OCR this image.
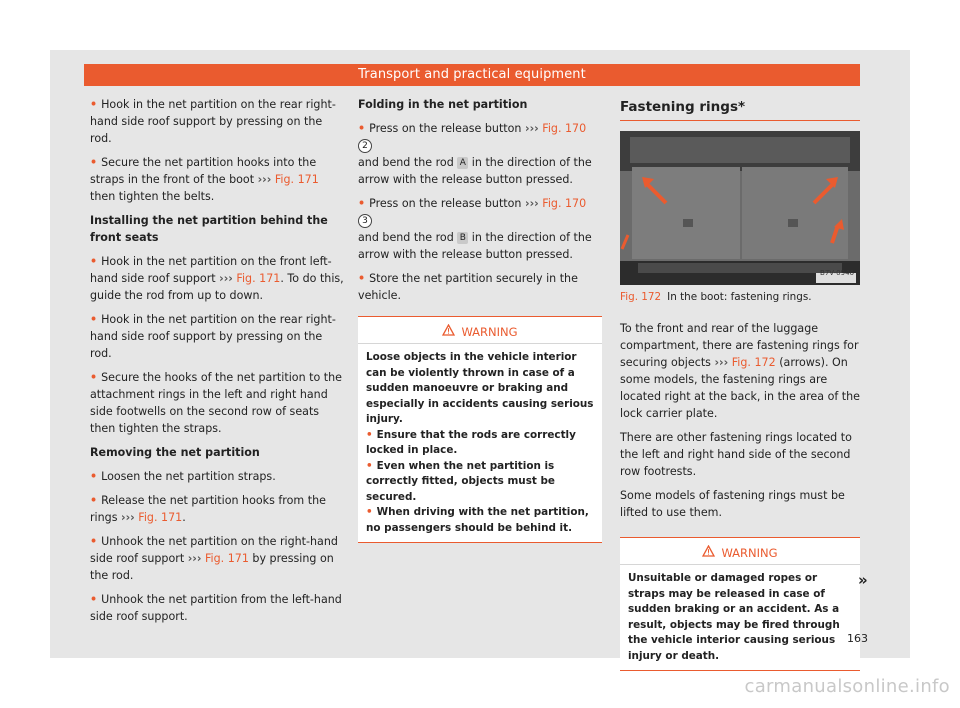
Transport and practical equipment

• Hook in the net partition on the rear right-hand side roof support by pressing on the rod.

• Secure the net partition hooks into the straps in the front of the boot ››› Fig. 171 then tighten the belts.

Installing the net partition behind the front seats

• Hook in the net partition on the front left-hand side roof support ››› Fig. 171. To do this, guide the rod from up to down.

• Hook in the net partition on the rear right-hand side roof support by pressing on the rod.

• Secure the hooks of the net partition to the attachment rings in the left and right hand side footwells on the second row of seats then tighten the straps.

Removing the net partition

• Loosen the net partition straps.

• Release the net partition hooks from the rings ››› Fig. 171.

• Unhook the net partition on the right-hand side roof support ››› Fig. 171 by pressing on the rod.

• Unhook the net partition from the left-hand side roof support.

Folding in the net partition

• Press on the release button ››› Fig. 170 2
and bend the rod A in the direction of the arrow with the release button pressed.

• Press on the release button ››› Fig. 170 3
and bend the rod B in the direction of the arrow with the release button pressed.

• Store the net partition securely in the vehicle.

WARNING

Loose objects in the vehicle interior can be violently thrown in case of a sudden manoeuvre or braking and especially in accidents causing serious injury.

• Ensure that the rods are correctly locked in place.

• Even when the net partition is correctly fitted, objects must be secured.

• When driving with the net partition, no passengers should be behind it.

Fastening rings*
B7V-0946
Fig. 172 In the boot: fastening rings.

To the front and rear of the luggage compartment, there are fastening rings for securing objects ››› Fig. 172 (arrows). On some models, the fastening rings are located right at the back, in the area of the lock carrier plate.

There are other fastening rings located to the left and right hand side of the second row footrests.

Some models of fastening rings must be lifted to use them.

WARNING

Unsuitable or damaged ropes or straps may be released in case of sudden braking or an accident. As a result, objects may be fired through the vehicle interior causing serious injury or death.

»
163
carmanualsonline.info
